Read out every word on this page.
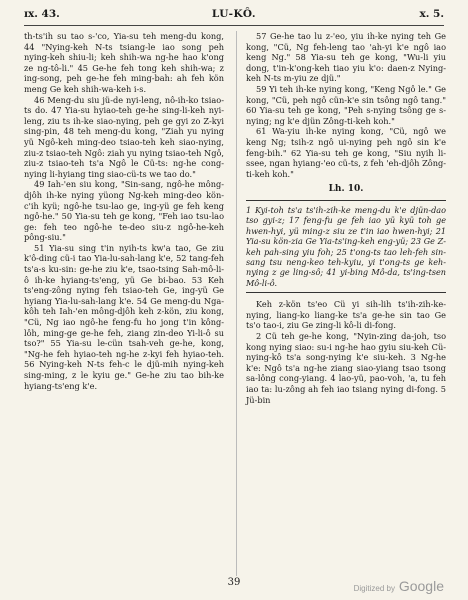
ɪx. 43.	LU-KÔ.	x. 5.

th-ts'ih su tao s-'co, Yia-su teh meng-du kong, 44 "Nying-keh N-ts tsiang-le iao song peh nying-keh shiu-li; keh shih-wa ng-he hao k'ong ze ng-tô-li." 45 Ge-he feh tong keh shih-wa; z ing-song, peh ge-he feh ming-bah: ah feh kön meng Ge keh shih-wa-keh i-s.

46 Meng-du siu jü-de nyi-leng, nô-ih-ko tsiao-ts do. 47 Yia-su hyiao-teh ge-he sing-li-keh nyi-leng, ziu ts ih-ke siao-nying, peh ge gyi zo Z-kyi sing-pin, 48 teh meng-du kong, "Ziah yu nying yü Ngô-keh ming-deo tsiao-teh keh siao-nying, ziu-z tsiao-teh Ngô: ziah yu nying tsiao-teh Ngô, ziu-z tsiao-teh ts'a Ngô le Cü-ts: ng-he cong-nying li-hyiang ting siao-cü-ts we tao do."

49 Iah-'en siu kong, "Sin-sang, ngô-he mông-djôh ih-ke nying yüong Ng-keh ming-deo kön-c'ih kyü; ngô-he tsu-lao ge, ing-yü ge feh keng ngô-he." 50 Yia-su teh ge kong, "Feh iao tsu-lao ge: feh teo ngô-he te-deo siu-z ngô-he-keh pông-siu."

51 Yia-su sing t'in nyih-ts kw'a tao, Ge ziu k'ô-ding cü-i tao Yia-lu-sah-lang k'e, 52 tang-feh ts'a-s ku-sin: ge-he ziu k'e, tsao-tsing Sah-mô-li-ô ih-ke hyiang-ts'eng, yü Ge bi-bao. 53 Keh ts'eng-zông nying feh tsiao-teh Ge, ing-yü Ge hyiang Yia-lu-sah-lang k'e. 54 Ge meng-du Nga-kôh teh Iah-'en mông-djôh keh z-kön, ziu kong, "Cü, Ng iao ngô-he feng-fu ho jong t'in kông-lôh, ming-ge ge-he feh, ziang zin-deo Yi-li-ô su tso?" 55 Yia-su le-cün tsah-veh ge-he, kong, "Ng-he feh hyiao-teh ng-he z-kyi feh hyiao-teh. 56 Nying-keh N-ts feh-c le djü-mih nying-keh sing-ming, z le kyiu ge." Ge-he ziu tao bih-ke hyiang-ts'eng k'e.

57 Ge-he tao lu z-'eo, yiu ih-ke nying teh Ge kong, "Cü, Ng feh-leng tao 'ah-yi k'e ngô iao keng Ng." 58 Yia-su teh ge kong, "Wu-li yiu dong, t'in-k'ong-keh tiao yiu k'o: daen-z Nying-keh N-ts m-yiu ze djü."

59 Yi teh ih-ke nying kong, "Keng Ngô le." Ge kong, "Cü, peh ngô cün-k'e sin tsông ngô tang." 60 Yia-su teh ge kong, "Peh s-nying tsông ge s-nying; ng k'e djün Zông-ti-keh koh."

61 Wa-yiu ih-ke nying kong, "Cü, ngô we keng Ng; tsih-z ngô ui-nying peh ngô sin k'e feng-bih." 62 Yia-su teh ge kong, "Siu nyih li-ssee, ngan hyiang-'eo cü-ts, z feh 'eh-djôh Zông-ti-keh koh."

Lh. 10.
1 Kyi-toh ts'a ts'ih-zih-ke meng-du k'e djün-dao tso gyi-z; 17 feng-fu ge feh iao yü kyü toh ge hwen-hyi, yü ming-z siu ze t'in iao hwen-hyi; 21 Yia-su kön-zia Ge Yia-ts'ing-keh eng-yü; 23 Ge Z-keh pah-sing yiu foh; 25 t'ong-ts tao leh-feh sin-sang tsu neng-keo teh-kyiu, yi t'ong-ts ge keh-nying z ge ling-sô; 41 yi-bing Mô-da, ts'ing-tsen Mô-li-ô.

Keh z-kön ts'eo Cü yi sih-lih ts'ih-zih-ke-nying, liang-ko liang-ke ts'a ge-he sin tao Ge ts'o tao-i, ziu Ge zing-li kô-li di-fong.

2 Cü teh ge-he kong, "Nyin-zing da-joh, tso kong nying siao: su-i ng-he hao gyiu siu-keh Cü-nying-kô ts'a song-nying k'e siu-keh. 3 Ng-he k'e: Ngô ts'a ng-he ziang siao-yiang tsao tsong sa-lông cong-yiang. 4 lao-yü, pao-voh, 'a, tu feh iao ta: lu-zông ah feh iao tsiang nying di-fong. 5 Jü-bin

39
Digitized by Google
